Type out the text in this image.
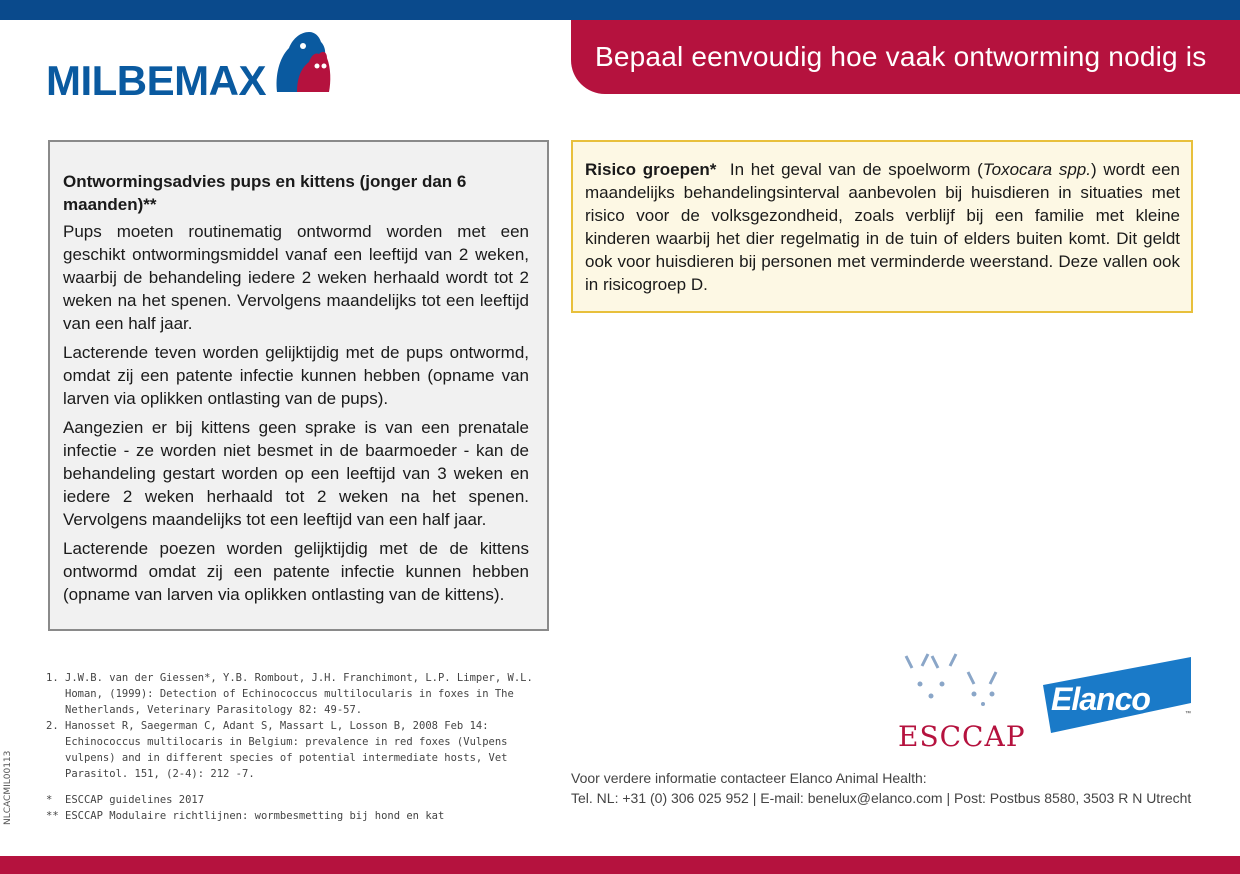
MILBEMAX
Bepaal eenvoudig hoe vaak ontworming nodig is
Ontwormingsadvies pups en kittens (jonger dan 6 maanden)**

Pups moeten routinematig ontwormd worden met een geschikt ontwormingsmiddel vanaf een leeftijd van 2 weken, waarbij de behandeling iedere 2 weken herhaald wordt tot 2 weken na het spenen. Vervolgens maandelijks tot een leeftijd van een half jaar.

Lacterende teven worden gelijktijdig met de pups ontwormd, omdat zij een patente infectie kunnen hebben (opname van larven via oplikken ontlasting van de pups).

Aangezien er bij kittens geen sprake is van een prenatale infectie - ze worden niet besmet in de baarmoeder - kan de behandeling gestart worden op een leeftijd van 3 weken en iedere 2 weken herhaald tot 2 weken na het spenen. Vervolgens maandelijks tot een leeftijd van een half jaar.

Lacterende poezen worden gelijktijdig met de de kittens ontwormd omdat zij een patente infectie kunnen hebben (opname van larven via oplikken ontlasting van de kittens).

Risico groepen* In het geval van de spoelworm (Toxocara spp.) wordt een maandelijks behandelingsinterval aanbevolen bij huisdieren in situaties met risico voor de volksgezondheid, zoals verblijf bij een familie met kleine kinderen waarbij het dier regelmatig in de tuin of elders buiten komt. Dit geldt ook voor huisdieren bij personen met verminderde weerstand. Deze vallen ook in risicogroep D.

1. J.W.B. van der Giessen*, Y.B. Rombout, J.H. Franchimont, L.P. Limper, W.L. Homan, (1999): Detection of Echinococcus multilocularis in foxes in The Netherlands, Veterinary Parasitology 82: 49-57.
2. Hanosset R, Saegerman C, Adant S, Massart L, Losson B, 2008 Feb 14: Echinococcus multilocaris in Belgium: prevalence in red foxes (Vulpens vulpens) and in different species of potential intermediate hosts, Vet Parasitol. 151, (2-4): 212 -7.
*	ESCCAP guidelines 2017
** ESCCAP Modulaire richtlijnen: wormbesmetting bij hond en kat
NLCACMIL00113
ESCCAP
Elanco	™
Voor verdere informatie contacteer Elanco Animal Health:
Tel. NL: +31 (0) 306 025 952 | E-mail: benelux@elanco.com | Post: Postbus 8580, 3503 R N Utrecht
